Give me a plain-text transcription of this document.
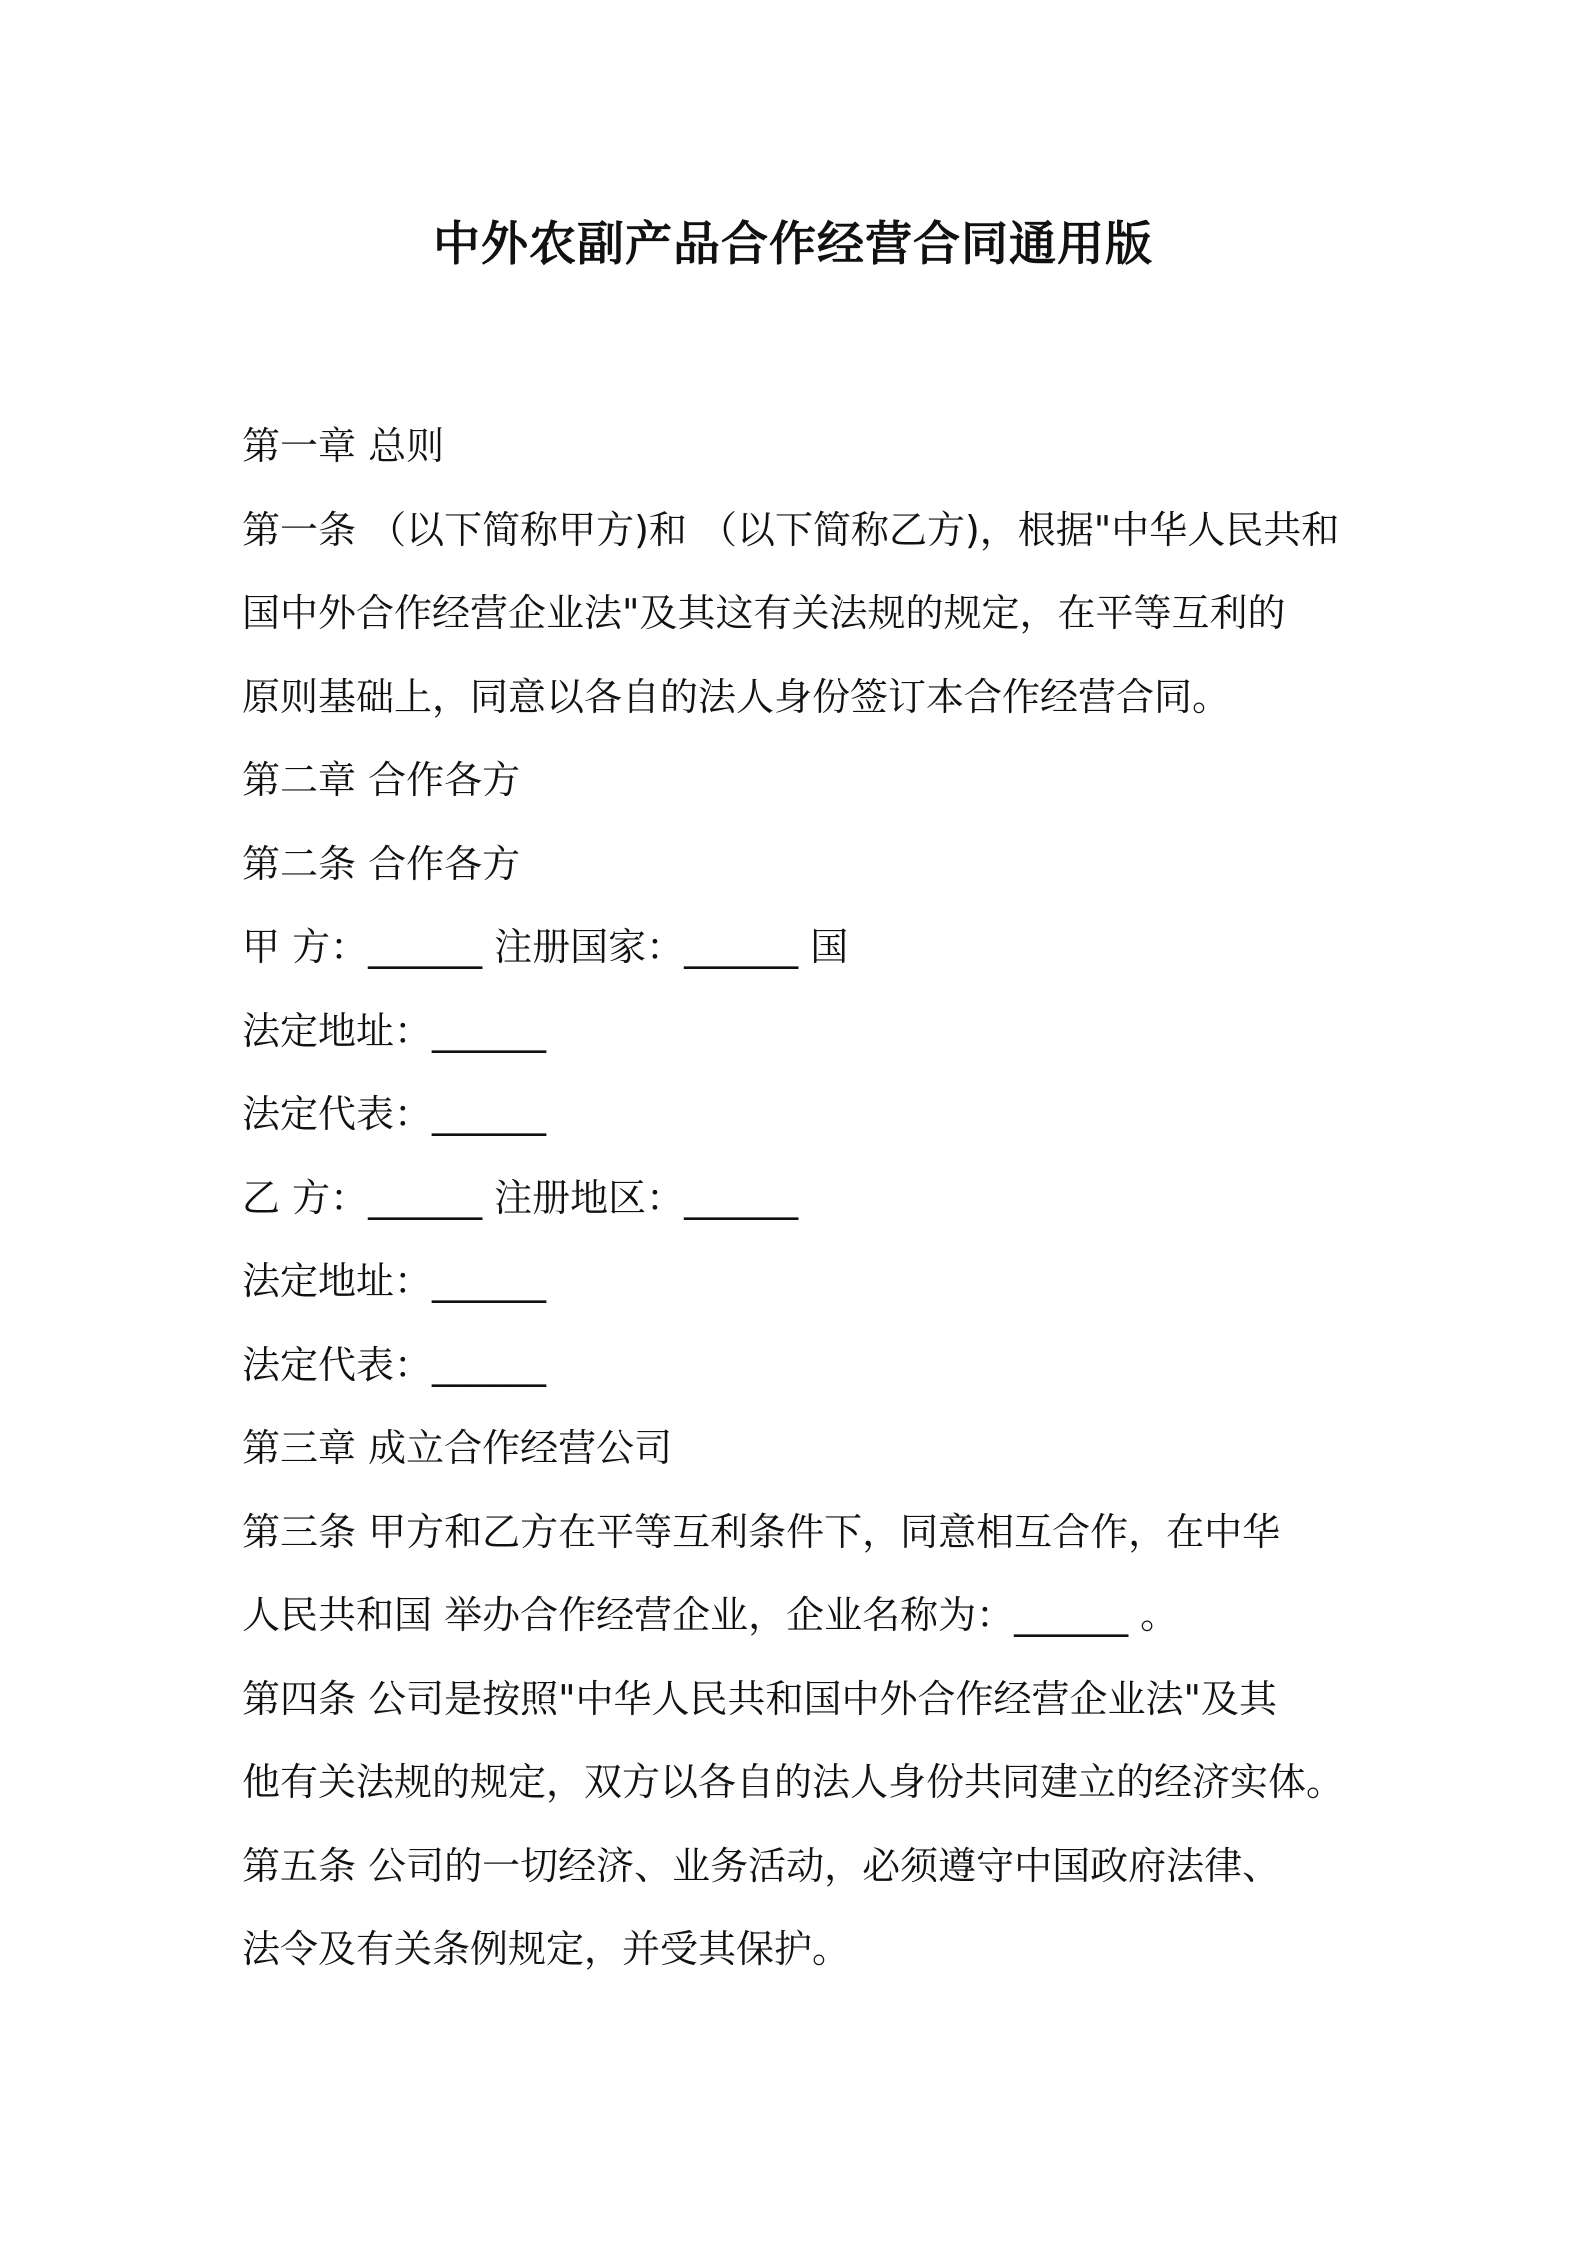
中外农副产品合作经营合同通用版

第一章 总则

第一条 （以下简称甲方)和 （以下简称乙方)，根据"中华人民共和

国中外合作经营企业法"及其这有关法规的规定，在平等互利的

原则基础上，同意以各自的法人身份签订本合作经营合同。

第二章 合作各方

第二条 合作各方

甲 方：______ 注册国家：______ 国

法定地址：______

法定代表：______

乙 方：______ 注册地区：______

法定地址：______

法定代表：______

第三章 成立合作经营公司

第三条 甲方和乙方在平等互利条件下，同意相互合作，在中华

人民共和国 举办合作经营企业，企业名称为：______ 。

第四条 公司是按照"中华人民共和国中外合作经营企业法"及其

他有关法规的规定，双方以各自的法人身份共同建立的经济实体。

第五条 公司的一切经济、业务活动，必须遵守中国政府法律、

法令及有关条例规定，并受其保护。
